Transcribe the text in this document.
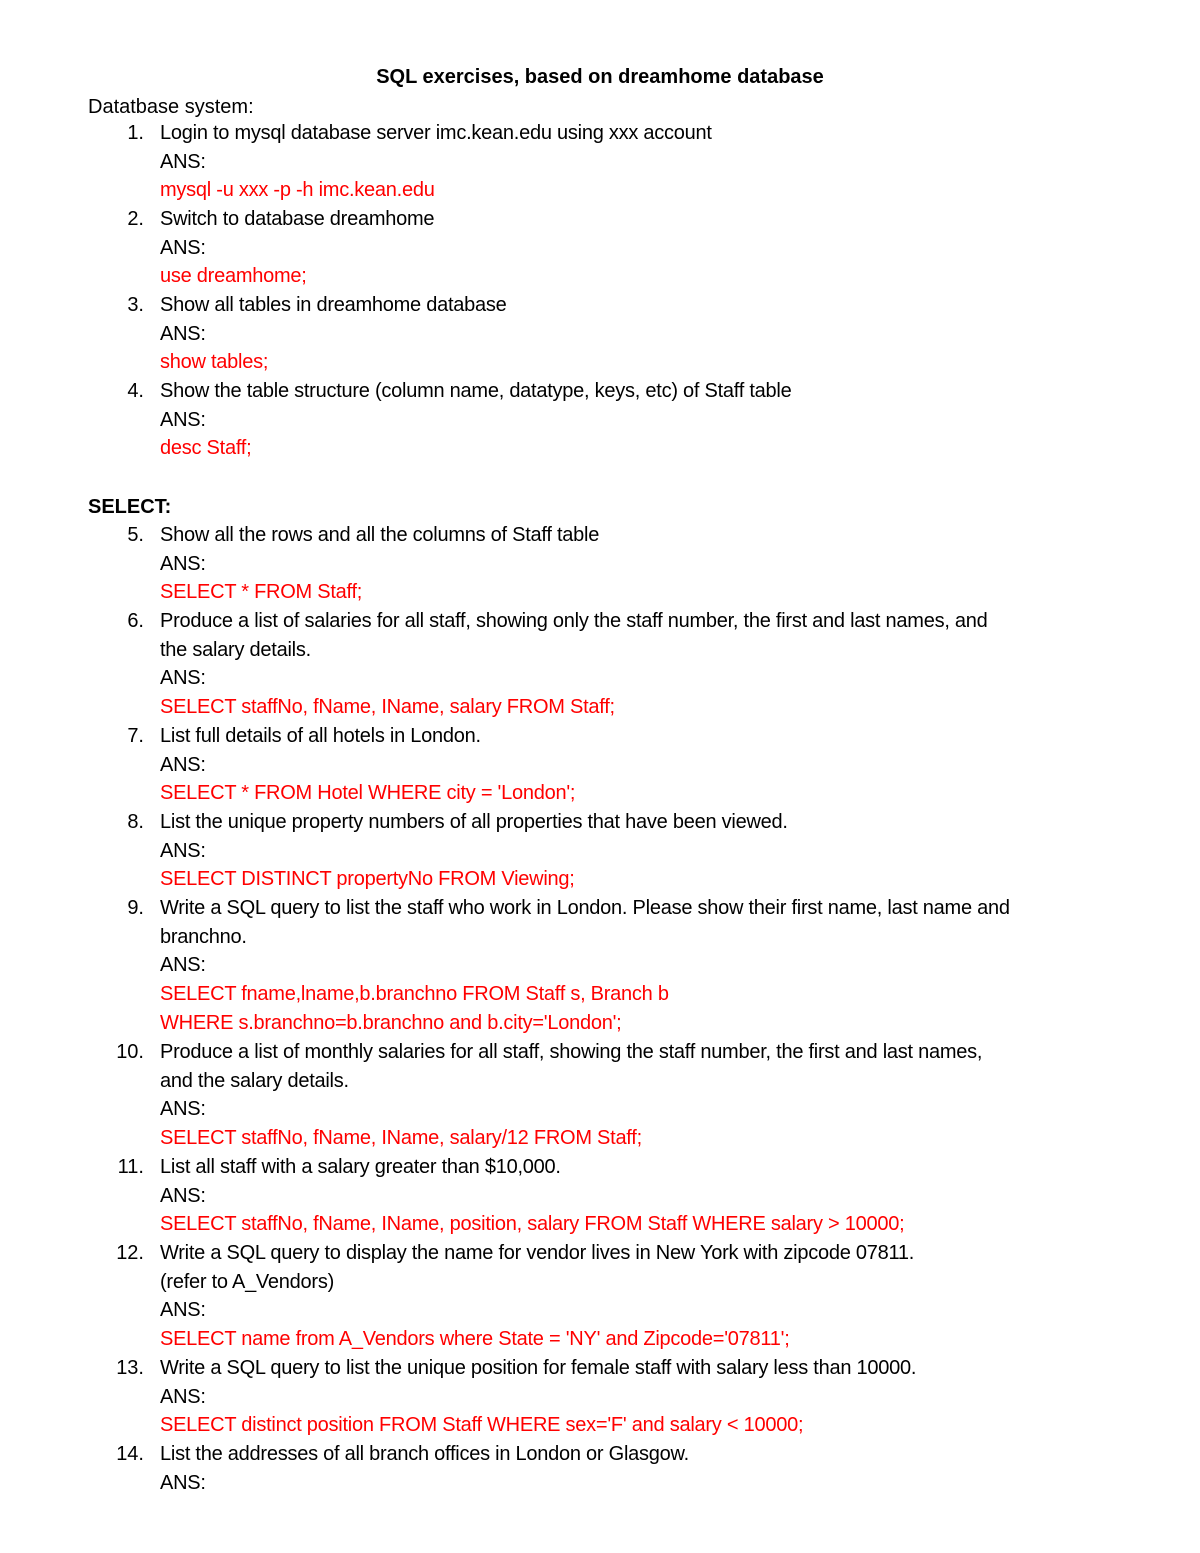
SQL exercises, based on dreamhome database
Datatbase system:
SELECT:
1. Login to mysql database server imc.kean.edu using xxx account
ANS:
mysql -u xxx -p -h imc.kean.edu
2. Switch to database dreamhome
ANS:
use dreamhome;
3. Show all tables in dreamhome database
ANS:
show tables;
4. Show the table structure (column name, datatype, keys, etc) of Staff table
ANS:
desc Staff;
5. Show all the rows and all the columns of Staff table
ANS:
SELECT * FROM Staff;
6. Produce a list of salaries for all staff, showing only the staff number, the first and last names, and
the salary details.
ANS:
SELECT staffNo, fName, IName, salary FROM Staff;
7. List full details of all hotels in London.
ANS:
SELECT * FROM Hotel WHERE city = 'London';
8. List the unique property numbers of all properties that have been viewed.
ANS:
SELECT DISTINCT propertyNo FROM Viewing;
9. Write a SQL query to list the staff who work in London. Please show their first name, last name and
branchno.
ANS:
SELECT fname,lname,b.branchno FROM Staff s, Branch b
WHERE s.branchno=b.branchno and b.city='London';
10. Produce a list of monthly salaries for all staff, showing the staff number, the first and last names,
and the salary details.
ANS:
SELECT staffNo, fName, IName, salary/12 FROM Staff;
11. List all staff with a salary greater than $10,000.
ANS:
SELECT staffNo, fName, IName, position, salary FROM Staff WHERE salary > 10000;
12. Write a SQL query to display the name for vendor lives in New York with zipcode 07811.
(refer to A_Vendors)
ANS:
SELECT name from A_Vendors where State = 'NY' and Zipcode='07811';
13. Write a SQL query to list the unique position for female staff with salary less than 10000.
ANS:
SELECT distinct position FROM Staff WHERE sex='F' and salary < 10000;
14. List the addresses of all branch offices in London or Glasgow.
ANS:
